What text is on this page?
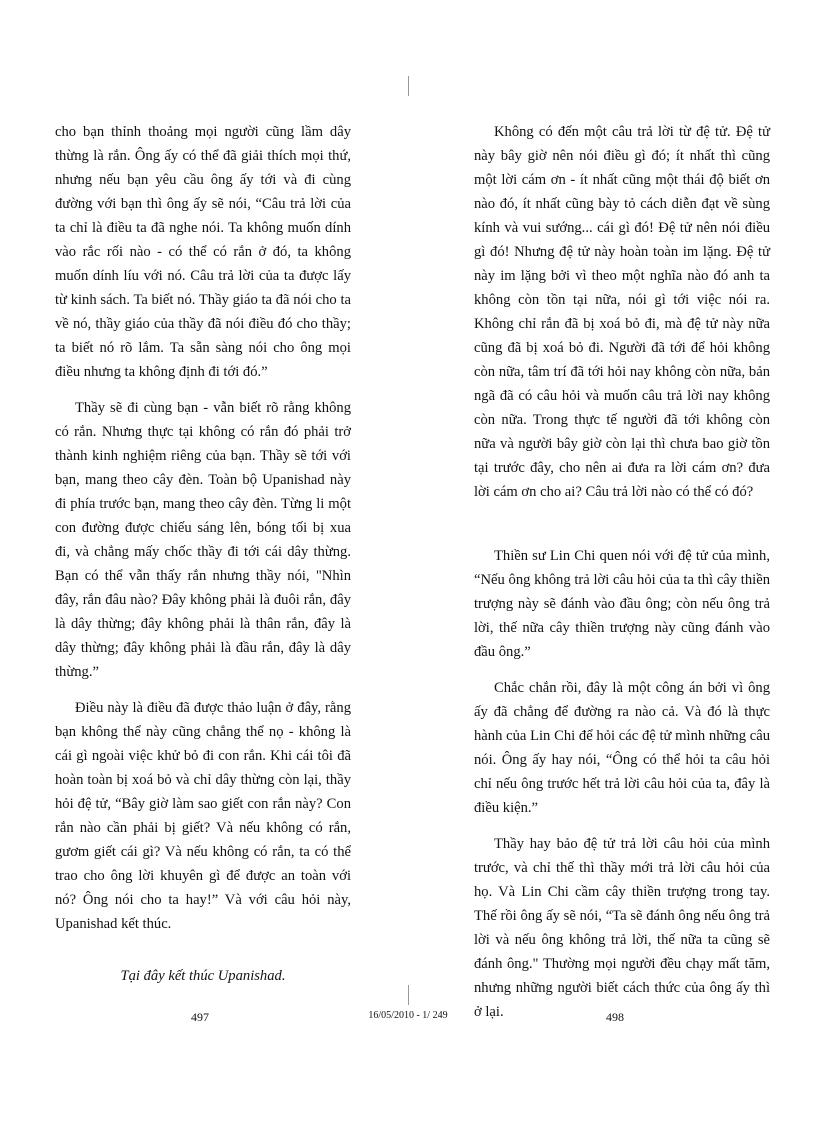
cho bạn thỉnh thoảng mọi người cũng lầm dây thừng là rắn. Ông ấy có thể đã giải thích mọi thứ, nhưng nếu bạn yêu cầu ông ấy tới và đi cùng đường với bạn thì ông ấy sẽ nói, “Câu trả lời của ta chỉ là điều ta đã nghe nói. Ta không muốn dính vào rắc rối nào - có thể có rắn ở đó, ta không muốn dính líu với nó. Câu trả lời của ta được lấy từ kinh sách. Ta biết nó. Thầy giáo ta đã nói cho ta về nó, thầy giáo của thầy đã nói điều đó cho thầy; ta biết nó rõ lắm. Ta sẵn sàng nói cho ông mọi điều nhưng ta không định đi tới đó.”

Thầy sẽ đi cùng bạn - vẫn biết rõ rằng không có rắn. Nhưng thực tại không có rắn đó phải trở thành kinh nghiệm riêng của bạn. Thầy sẽ tới với bạn, mang theo cây đèn. Toàn bộ Upanishad này đi phía trước bạn, mang theo cây đèn. Từng li một con đường được chiếu sáng lên, bóng tối bị xua đi, và chẳng mấy chốc thầy đi tới cái dây thừng. Bạn có thể vẫn thấy rắn nhưng thầy nói, "Nhìn đây, rắn đâu nào? Đây không phải là đuôi rắn, đây là dây thừng; đây không phải là thân rắn, đây là dây thừng; đây không phải là đầu rắn, đây là dây thừng.”

Điều này là điều đã được thảo luận ở đây, rằng bạn không thể này cũng chẳng thể nọ - không là cái gì ngoài việc khử bỏ đi con rắn. Khi cái tôi đã hoàn toàn bị xoá bỏ và chỉ dây thừng còn lại, thầy hỏi đệ tử, “Bây giờ làm sao giết con rắn này? Con rắn nào cần phải bị giết? Và nếu không có rắn, gươm giết cái gì? Và nếu không có rắn, ta có thể trao cho ông lời khuyên gì để được an toàn với nó? Ông nói cho ta hay!” Và với câu hỏi này, Upanishad kết thúc.

Tại đây kết thúc Upanishad.

Không có đến một câu trả lời từ đệ tử. Đệ tử này bây giờ nên nói điều gì đó; ít nhất thì cũng một lời cám ơn - ít nhất cũng một thái độ biết ơn nào đó, ít nhất cũng bày tỏ cách diễn đạt về sùng kính và vui sướng... cái gì đó! Đệ tử nên nói điều gì đó! Nhưng đệ tử này hoàn toàn im lặng. Đệ tử này im lặng bởi vì theo một nghĩa nào đó anh ta không còn tồn tại nữa, nói gì tới việc nói ra. Không chỉ rắn đã bị xoá bỏ đi, mà đệ tử này nữa cũng đã bị xoá bỏ đi. Người đã tới để hỏi không còn nữa, tâm trí đã tới hỏi nay không còn nữa, bản ngã đã có câu hỏi và muốn câu trả lời nay không còn nữa. Trong thực tế người đã tới không còn nữa và người bây giờ còn lại thì chưa bao giờ tồn tại trước đây, cho nên ai đưa ra lời cám ơn? đưa lời cám ơn cho ai? Câu trả lời nào có thể có đó?

Thiền sư Lin Chi quen nói với đệ tử của mình, “Nếu ông không trả lời câu hỏi của ta thì cây thiền trượng này sẽ đánh vào đầu ông; còn nếu ông trả lời, thế nữa cây thiền trượng này cũng đánh vào đầu ông.”

Chắc chắn rồi, đây là một công án bởi vì ông ấy đã chẳng để đường ra nào cả. Và đó là thực hành của Lin Chi để hỏi các đệ tử mình những câu nói. Ông ấy hay nói, “Ông có thể hỏi ta câu hỏi chỉ nếu ông trước hết trả lời câu hỏi của ta, đây là điều kiện.”

Thầy hay bảo đệ tử trả lời câu hỏi của mình trước, và chỉ thế thì thầy mới trả lời câu hỏi của họ. Và Lin Chi cầm cây thiền trượng trong tay. Thế rồi ông ấy sẽ nói, “Ta sẽ đánh ông nếu ông trả lời và nếu ông không trả lời, thế nữa ta cũng sẽ đánh ông." Thường mọi người đều chạy mất tăm, nhưng những người biết cách thức của ông ấy thì ở lại.

497	16/05/2010 - 1/ 249	498
